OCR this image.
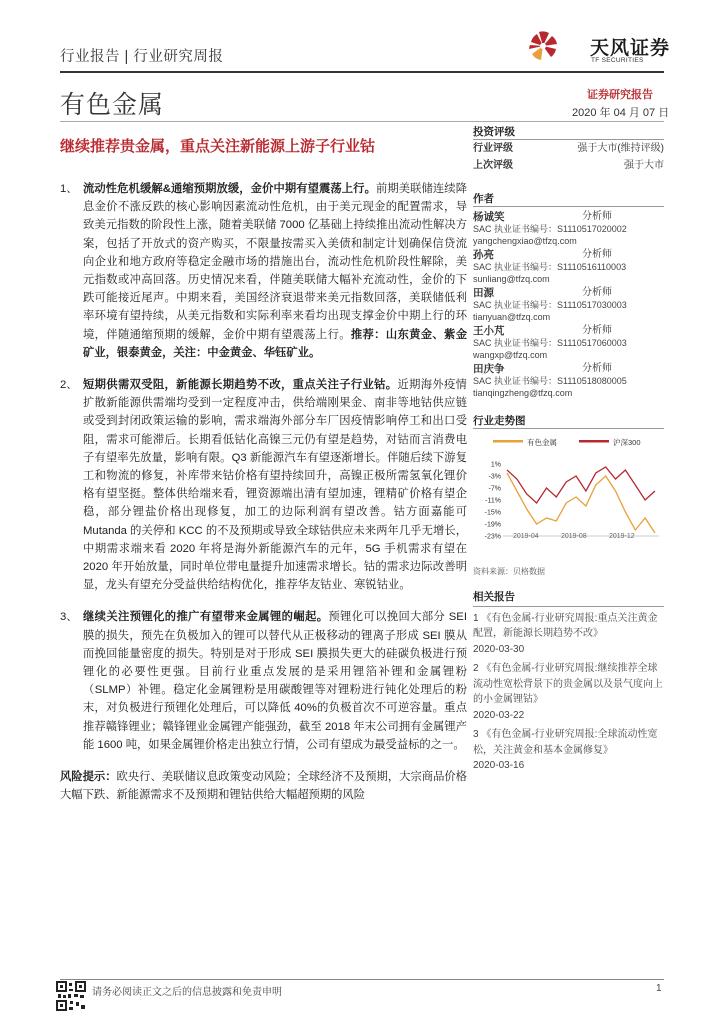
行业报告 | 行业研究周报	天风证券
TF SECURITIES
有色金属	证券研究报告
2020 年 04 月 07 日
继续推荐贵金属，重点关注新能源上游子行业钴
1、 流动性危机缓解&通缩预期放缓，金价中期有望震荡上行。前期美联储连续降息金价不涨反跌的核心影响因素流动性危机，由于美元现金的配置需求，导致美元指数的阶段性上涨，随着美联储 7000 亿基础上持续推出流动性解决方案，包括了开放式的资产购买，不限量按需买入美债和制定计划确保信贷流向企业和地方政府等稳定金融市场的措施出台，流动性危机阶段性解除，美元指数或冲高回落。历史情况来看，伴随美联储大幅补充流动性，金价的下跌可能接近尾声。中期来看，美国经济衰退带来美元指数回落，美联储低利率环境有望持续，从美元指数和实际利率来看均出现支撑金价中期上行的环境，伴随通缩预期的缓解，金价中期有望震荡上行。推荐：山东黄金、紫金矿业，银泰黄金，关注：中金黄金、华钰矿业。
2、 短期供需双受阻，新能源长期趋势不改，重点关注子行业钴。近期海外疫情扩散新能源供需端均受到一定程度冲击，供给端刚果金、南非等地钴供应链或受到封闭政策运输的影响，需求端海外部分车厂因疫情影响停工和出口受阻，需求可能滞后。长期看低钴化高镍三元仍有望是趋势，对钴而言消费电子有望率先放量，影响有限。Q3 新能源汽车有望逐渐增长。伴随后续下游复工和物流的修复，补库带来钴价格有望持续回升，高镍正极所需氢氧化锂价格有望坚挺。整体供给端来看，锂资源端出清有望加速，锂精矿价格有望企稳，部分锂盐价格出现修复，加工的边际利润有望改善。钴方面嘉能可 Mutanda 的关停和 KCC 的不及预期或导致全球钴供应未来两年几乎无增长，中期需求端来看 2020 年将是海外新能源汽车的元年，5G 手机需求有望在 2020 年开始放量，同时单位带电量提升加速需求增长。钴的需求边际改善明显，龙头有望充分受益供给结构优化，推荐华友钴业、寒锐钴业。
3、 继续关注预锂化的推广有望带来金属锂的崛起。预锂化可以挽回大部分 SEI 膜的损失，预先在负极加入的锂可以替代从正极移动的锂离子形成 SEI 膜从而挽回能量密度的损失。特别是对于形成 SEI 膜损失更大的硅碳负极进行预锂化的必要性更强。目前行业重点发展的是采用锂箔补锂和金属锂粉（SLMP）补锂。稳定化金属锂粉是用碳酸锂等对锂粉进行钝化处理后的粉末，对负极进行预锂化处理后，可以降低 40%的负极首次不可逆容量。重点推荐赣锋锂业；赣锋锂业金属锂产能强劲，截至 2018 年末公司拥有金属锂产能 1600 吨，如果金属锂价格走出独立行情，公司有望成为最受益标的之一。
风险提示：欧央行、美联储议息政策变动风险；全球经济不及预期，大宗商品价格大幅下跌、新能源需求不及预期和锂钴供给大幅超预期的风险
投资评级
行业评级	强于大市(维持评级)
上次评级	强于大市
作者
杨诚笑	分析师
SAC 执业证书编号：S1110517020002
yangchengxiao@tfzq.com
孙亮	分析师
SAC 执业证书编号：S1110516110003
sunliang@tfzq.com
田源	分析师
SAC 执业证书编号：S1110517030003
tianyuan@tfzq.com
王小芃	分析师
SAC 执业证书编号：S1110517060003
wangxp@tfzq.com
田庆争	分析师
SAC 执业证书编号：S1110518080005
tianqingzheng@tfzq.com
行业走势图
有色金属	沪深300
1%
-3%
-7%
-11%
-15%
-19%
-23% 2019-04	2019-08	2019-12
资料来源：贝格数据
相关报告
1 《有色金属-行业研究周报:重点关注黄金配置，新能源长期趋势不改》
2020-03-30
2 《有色金属-行业研究周报:继续推荐全球流动性宽松背景下的贵金属以及景气度向上的小金属锂钴》
2020-03-22
3 《有色金属-行业研究周报:全球流动性宽松，关注黄金和基本金属修复》
2020-03-16
请务必阅读正文之后的信息披露和免责申明	1
